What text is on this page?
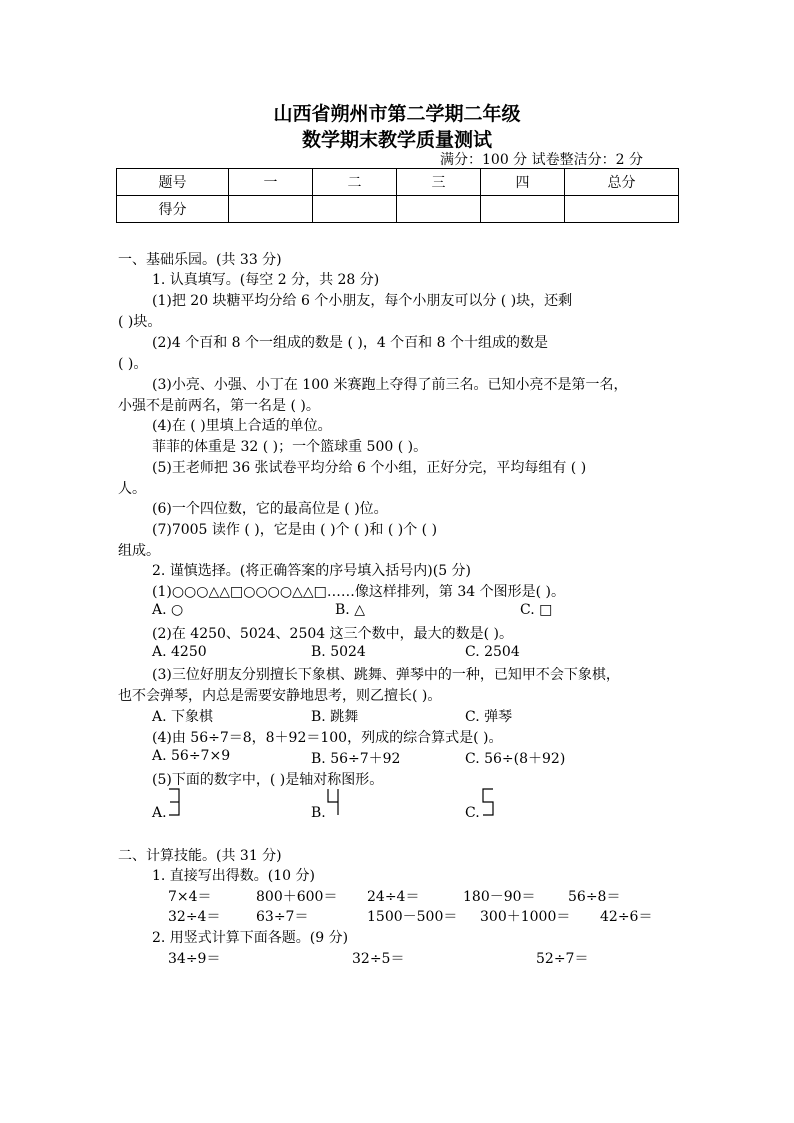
山西省朔州市第二学期二年级
数学期末教学质量测试
满分：100 分 试卷整洁分：2 分
题号	一	二	三	四	总分
得分					
一、基础乐园。(共 33 分)
1. 认真填写。(每空 2 分，共 28 分)
(1)把 20 块糖平均分给 6 个小朋友，每个小朋友可以分 ( )块，还剩
( )块。
(2)4 个百和 8 个一组成的数是 ( )，4 个百和 8 个十组成的数是
( )。
(3)小亮、小强、小丁在 100 米赛跑上夺得了前三名。已知小亮不是第一名，
小强不是前两名，第一名是 ( )。
(4)在 ( )里填上合适的单位。
菲菲的体重是 32 ( )；一个篮球重 500 ( )。
(5)王老师把 36 张试卷平均分给 6 个小组，正好分完，平均每组有 ( )
人。
(6)一个四位数，它的最高位是 ( )位。
(7)7005 读作 ( )，它是由 ( )个 ( )和 ( )个 ( )
组成。
2. 谨慎选择。(将正确答案的序号填入括号内)(5 分)
(1)○○○△△□○○○○△△□……像这样排列，第 34 个图形是( )。
A. ○	B. △	C. □
(2)在 4250、5024、2504 这三个数中，最大的数是( )。
A. 4250	B. 5024	C. 2504
(3)三位好朋友分别擅长下象棋、跳舞、弹琴中的一种，已知甲不会下象棋，
也不会弹琴，内总是需要安静地思考，则乙擅长( )。
A. 下象棋	B. 跳舞	C. 弹琴
(4)由 56÷7＝8，8＋92＝100，列成的综合算式是( )。
A. 56÷7×9	B. 56÷7＋92	C. 56÷(8＋92)
(5)下面的数字中，( )是轴对称图形。
A.	B.	C.
二、计算技能。(共 31 分)
1. 直接写出得数。(10 分)
7×4＝	800＋600＝ 24÷4＝	180－90＝ 56÷8＝
32÷4＝	63÷7＝	1500－500＝ 300＋1000＝ 42÷6＝
2. 用竖式计算下面各题。(9 分)
34÷9＝	32÷5＝	52÷7＝
